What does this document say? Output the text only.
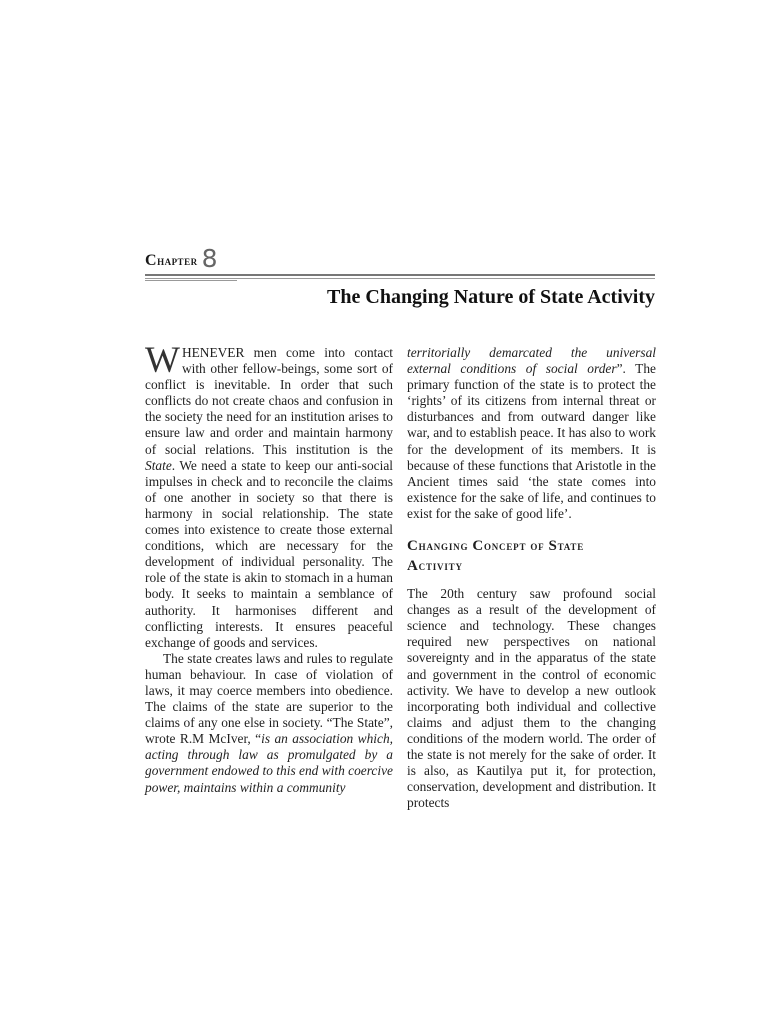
Chapter 8
The Changing Nature of State Activity

WHENEVER men come into contact with other fellow-beings, some sort of conflict is inevitable. In order that such conflicts do not create chaos and confusion in the society the need for an institution arises to ensure law and order and maintain harmony of social relations. This institution is the State. We need a state to keep our anti-social impulses in check and to reconcile the claims of one another in society so that there is harmony in social relationship. The state comes into existence to create those external conditions, which are necessary for the development of individual personality. The role of the state is akin to stomach in a human body. It seeks to maintain a semblance of authority. It harmonises different and conflicting interests. It ensures peaceful exchange of goods and services.

The state creates laws and rules to regulate human behaviour. In case of violation of laws, it may coerce members into obedience. The claims of the state are superior to the claims of any one else in society. “The State”, wrote R.M McIver, “is an association which, acting through law as promulgated by a government endowed to this end with coercive power, maintains within a community

territorially demarcated the universal external conditions of social order”. The primary function of the state is to protect the ‘rights’ of its citizens from internal threat or disturbances and from outward danger like war, and to establish peace. It has also to work for the development of its members. It is because of these functions that Aristotle in the Ancient times said ‘the state comes into existence for the sake of life, and continues to exist for the sake of good life’.

Changing Concept of State
Activity

The 20th century saw profound social changes as a result of the development of science and technology. These changes required new perspectives on national sovereignty and in the apparatus of the state and government in the control of economic activity. We have to develop a new outlook incorporating both individual and collective claims and adjust them to the changing conditions of the modern world. The order of the state is not merely for the sake of order. It is also, as Kautilya put it, for protection, conservation, development and distribution. It protects
